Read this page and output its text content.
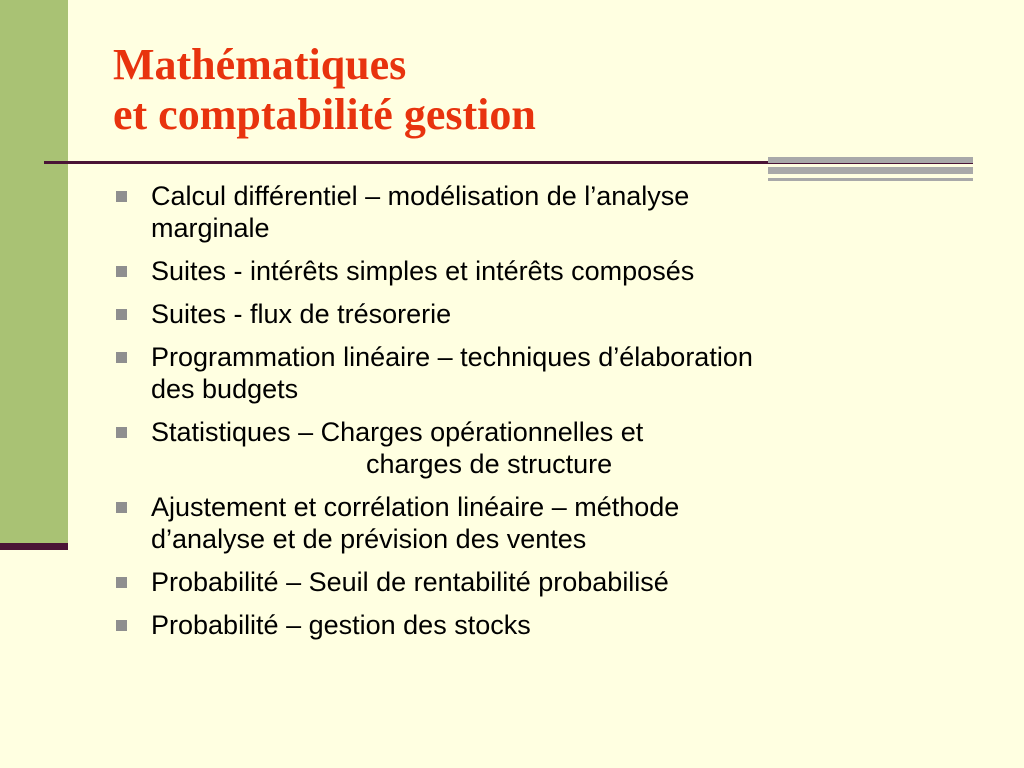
Mathématiques
et comptabilité gestion
Calcul différentiel – modélisation de l’analyse
marginale
Suites - intérêts simples et intérêts composés
Suites - flux de trésorerie
Programmation linéaire – techniques d’élaboration
des budgets
Statistiques – Charges opérationnelles et
charges de structure
Ajustement et corrélation linéaire – méthode
d’analyse et de prévision des ventes
Probabilité – Seuil de rentabilité probabilisé
Probabilité – gestion des stocks
